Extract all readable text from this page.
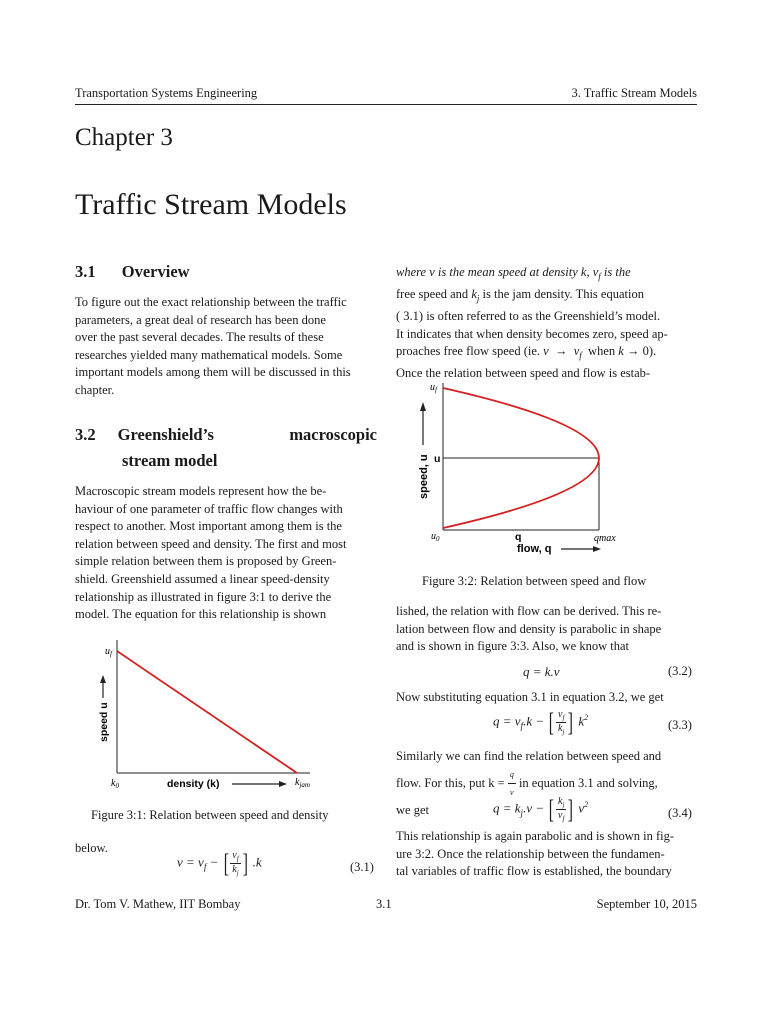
Transportation Systems Engineering	3. Traffic Stream Models
Chapter 3
Traffic Stream Models
3.1 Overview
To figure out the exact relationship between the traffic
parameters, a great deal of research has been done
over the past several decades. The results of these
researches yielded many mathematical models. Some
important models among them will be discussed in this
chapter.
3.2 Greenshield’s	macroscopic
stream model
Macroscopic stream models represent how the be-
haviour of one parameter of traffic flow changes with
respect to another. Most important among them is the
relation between speed and density. The first and most
simple relation between them is proposed by Green-
shield. Greenshield assumed a linear speed-density
relationship as illustrated in figure 3:1 to derive the
model. The equation for this relationship is shown
$u_f$
$k_0$	$k_{jam}$
density (k)
speed u
Figure 3:1: Relation between speed and density
below.
$v = v_f$ − [ $\frac{v_f}{k_j}$ ] .k	(3.1)
where v is the mean speed at density k, $v_f$ is the
free speed and $k_j$ is the jam density. This equation
( 3.1) is often referred to as the Greenshield’s model.
It indicates that when density becomes zero, speed ap-
proaches free flow speed (ie. $v \to v_f$  when k → 0).
Once the relation between speed and flow is estab-
$u_f$
u
$u_0$	q	qmax
flow, q
speed, u
Figure 3:2: Relation between speed and flow
lished, the relation with flow can be derived. This re-
lation between flow and density is parabolic in shape
and is shown in figure 3:3. Also, we know that
q = k.v	(3.2)
Now substituting equation 3.1 in equation 3.2, we get
$q = v_f.k$ − [ $\frac{v_f}{k_j}$ ] $k^2$
(3.3)
Similarly we can find the relation between speed and
flow. For this, put $k = \frac{q}{v}$ in equation 3.1 and solving,
we get	$q = k_j.v$ − [ $\frac{k_j}{v_f}$ ] $v^2$
(3.4)
This relationship is again parabolic and is shown in fig-
ure 3:2. Once the relationship between the fundamen-
tal variables of traffic flow is established, the boundary
Dr. Tom V. Mathew, IIT Bombay	3.1	September 10, 2015
